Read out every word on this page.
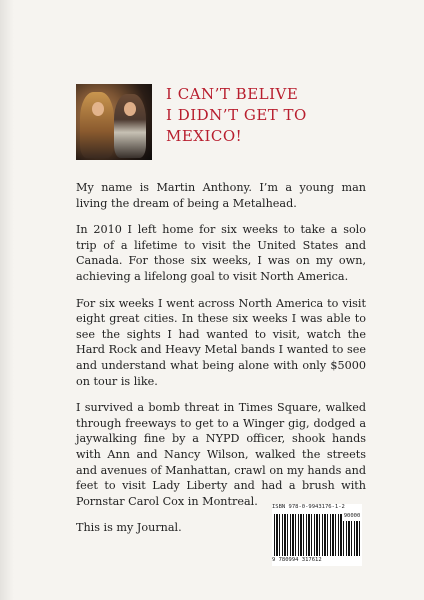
I CAN’T BELIVE
I DIDN’T GET TO
MEXICO!

My name is Martin Anthony. I’m a young man living the dream of being a Metalhead.

In 2010 I left home for six weeks to take a solo trip of a lifetime to visit the United States and Canada. For those six weeks, I was on my own, achieving a lifelong goal to visit North America.

For six weeks I went across North America to visit eight great cities. In these six weeks I was able to see the sights I had wanted to visit, watch the Hard Rock and Heavy Metal bands I wanted to see and understand what being alone with only $5000 on tour is like.

I survived a bomb threat in Times Square, walked through freeways to get to a Winger gig, dodged a jaywalking fine by a NYPD officer, shook hands with Ann and Nancy Wilson, walked the streets and avenues of Manhattan, crawl on my hands and feet to visit Lady Liberty and had a brush with Pornstar Carol Cox in Montreal.

This is my Journal.

ISBN 978-0-9943176-1-2
90000
9 780994 317612
